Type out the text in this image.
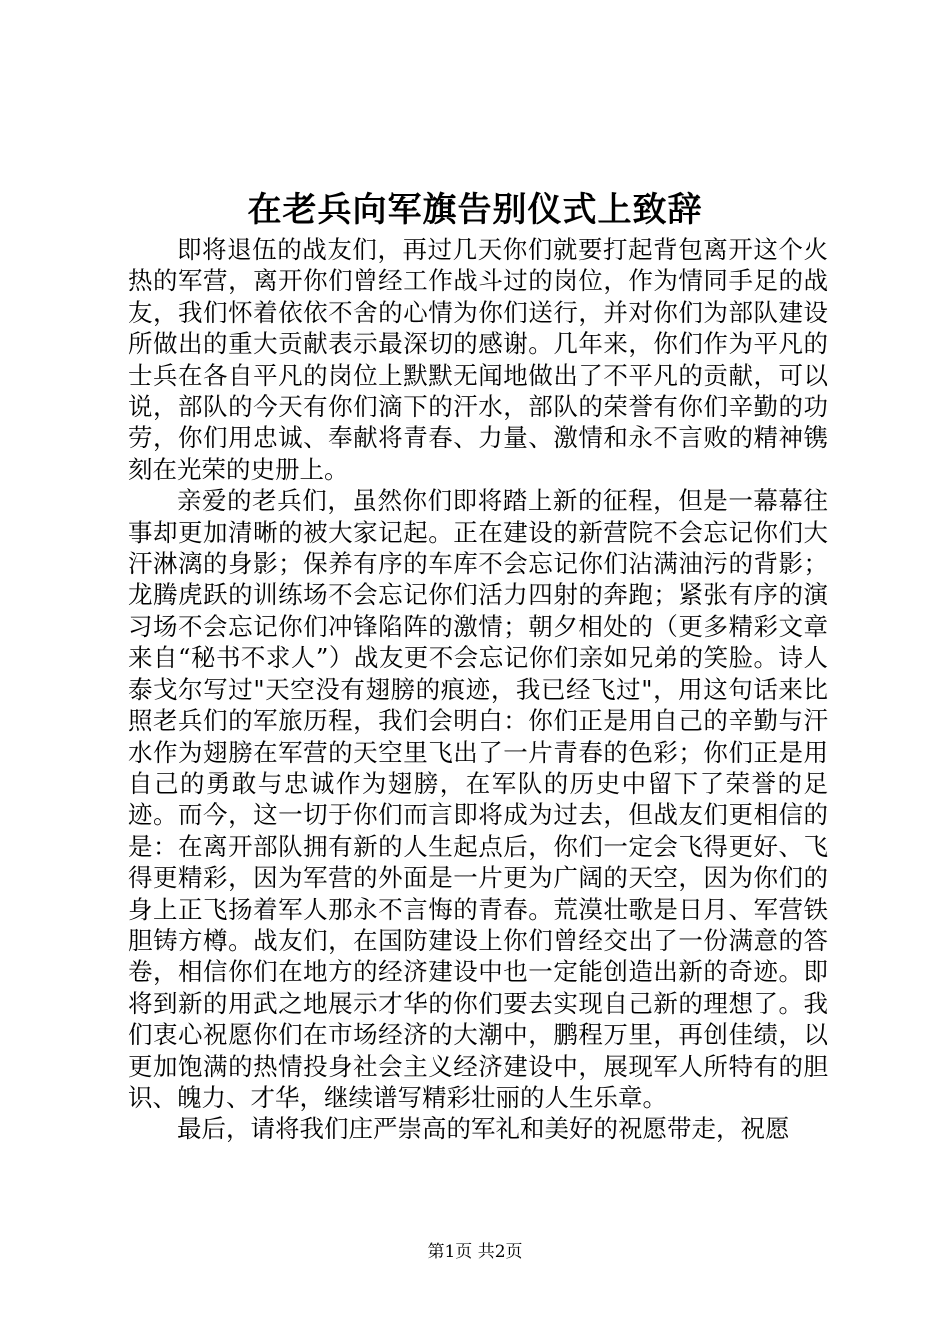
在老兵向军旗告别仪式上致辞

即将退伍的战友们，再过几天你们就要打起背包离开这个火热的军营，离开你们曾经工作战斗过的岗位，作为情同手足的战友，我们怀着依依不舍的心情为你们送行，并对你们为部队建设所做出的重大贡献表示最深切的感谢。几年来，你们作为平凡的士兵在各自平凡的岗位上默默无闻地做出了不平凡的贡献，可以说，部队的今天有你们滴下的汗水，部队的荣誉有你们辛勤的功劳，你们用忠诚、奉献将青春、力量、激情和永不言败的精神镌刻在光荣的史册上。

亲爱的老兵们，虽然你们即将踏上新的征程，但是一幕幕往事却更加清晰的被大家记起。正在建设的新营院不会忘记你们大汗淋漓的身影；保养有序的车库不会忘记你们沾满油污的背影；龙腾虎跃的训练场不会忘记你们活力四射的奔跑；紧张有序的演习场不会忘记你们冲锋陷阵的激情；朝夕相处的（更多精彩文章来自“秘书不求人”）战友更不会忘记你们亲如兄弟的笑脸。诗人泰戈尔写过"天空没有翅膀的痕迹，我已经飞过"，用这句话来比照老兵们的军旅历程，我们会明白：你们正是用自己的辛勤与汗水作为翅膀在军营的天空里飞出了一片青春的色彩；你们正是用自己的勇敢与忠诚作为翅膀，在军队的历史中留下了荣誉的足迹。而今，这一切于你们而言即将成为过去，但战友们更相信的是：在离开部队拥有新的人生起点后，你们一定会飞得更好、飞得更精彩，因为军营的外面是一片更为广阔的天空，因为你们的身上正飞扬着军人那永不言悔的青春。荒漠壮歌是日月、军营铁胆铸方樽。战友们，在国防建设上你们曾经交出了一份满意的答卷，相信你们在地方的经济建设中也一定能创造出新的奇迹。即将到新的用武之地展示才华的你们要去实现自己新的理想了。我们衷心祝愿你们在市场经济的大潮中，鹏程万里，再创佳绩，以更加饱满的热情投身社会主义经济建设中，展现军人所特有的胆识、魄力、才华，继续谱写精彩壮丽的人生乐章。

最后，请将我们庄严崇高的军礼和美好的祝愿带走，祝愿

第1页 共2页
